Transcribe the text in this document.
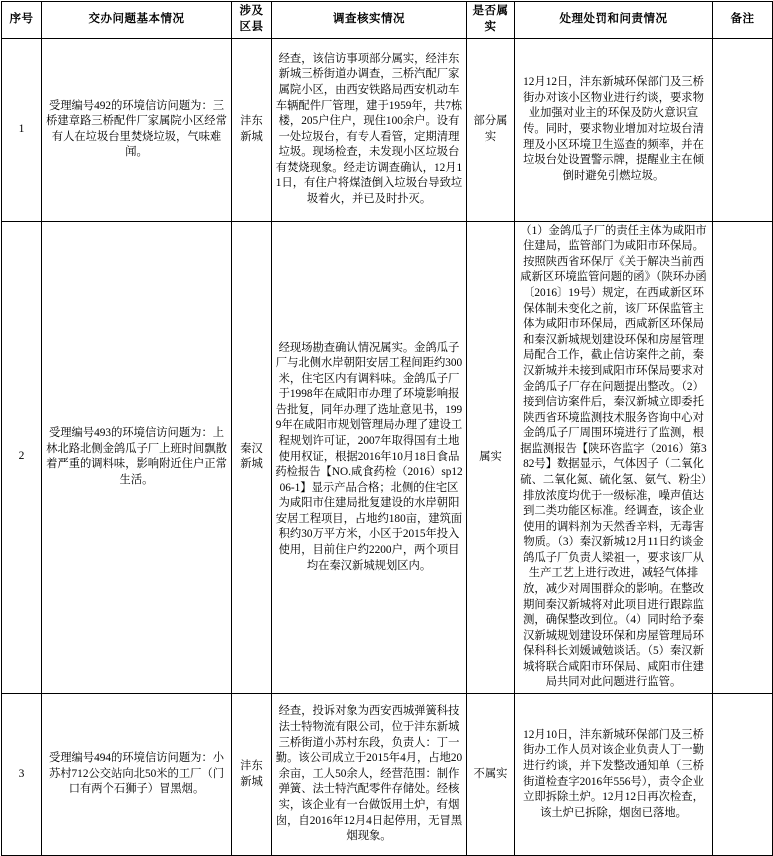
序号	交办问题基本情况	涉及区县	调查核实情况	是否属实	处理处罚和问责情况	备注
1	受理编号492的环境信访问题为：三桥建章路三桥配件厂家属院小区经常有人在垃圾台里焚烧垃圾，气味难闻。	沣东新城	经查，该信访事项部分属实，经沣东新城三桥街道办调查，三桥汽配厂家属院小区，由西安铁路局西安机动车车辆配件厂管理，建于1959年，共7栋楼，205户住户，现住100余户。设有一处垃圾台，有专人看管，定期清理垃圾。现场检查，未发现小区垃圾台有焚烧现象。经走访调查确认，12月11日，有住户将煤渣倒入垃圾台导致垃圾着火，并已及时扑灭。	部分属实	12月12日，沣东新城环保部门及三桥街办对该小区物业进行约谈，要求物业加强对业主的环保及防火意识宣传。同时，要求物业增加对垃圾台清理及小区环境卫生巡查的频率，并在垃圾台处设置警示牌，提醒业主在倾倒时避免引燃垃圾。	
2	受理编号493的环境信访问题为：上林北路北侧金鸽瓜子厂上班时间飘散着严重的调料味，影响附近住户正常生活。	秦汉新城	经现场勘查确认情况属实。金鸽瓜子厂与北侧水岸朝阳安居工程间距约300米，住宅区内有调料味。金鸽瓜子厂于1998年在咸阳市办理了环境影响报告批复，同年办理了选址意见书，1999年在咸阳市规划管理局办理了建设工程规划许可证，2007年取得国有土地使用权证，根据2016年10月18日食品药检报告【NO.咸食药检（2016）sp1206-1】显示产品合格；北侧的住宅区为咸阳市住建局批复建设的水岸朝阳安居工程项目，占地约180亩，建筑面积约30万平方米，小区于2015年投入使用，目前住户约2200户，两个项目均在秦汉新城规划区内。	属实	（1）金鸽瓜子厂的责任主体为咸阳市住建局，监管部门为咸阳市环保局。按照陕西省环保厅《关于解决当前西咸新区环境监管问题的函》（陕环办函〔2016〕19号）规定，在西咸新区环保体制未变化之前，该厂环保监管主体为咸阳市环保局，西咸新区环保局和秦汉新城规划建设环保和房屋管理局配合工作，截止信访案件之前，秦汉新城并未接到咸阳市环保局要求对金鸽瓜子厂存在问题提出整改。（2）接到信访案件后，秦汉新城立即委托陕西省环境监测技术服务咨询中心对金鸽瓜子厂周围环境进行了监测，根据监测报告【陕环咨监字（2016）第382号】数据显示，气体因子（二氧化硫、二氧化氮、硫化氢、氨气、粉尘）排放浓度均优于一级标准，噪声值达到二类功能区标准。经调查，该企业使用的调料剂为天然香辛料，无毒害物质。（3）秦汉新城12月11日约谈金鸽瓜子厂负责人梁祖一，要求该厂从生产工艺上进行改进，减轻气体排放，减少对周围群众的影响。在整改期间秦汉新城将对此项目进行跟踪监测，确保整改到位。（4）同时给予秦汉新城规划建设环保和房屋管理局环保科科长刘媛诫勉谈话。（5）秦汉新城将联合咸阳市环保局、咸阳市住建局共同对此问题进行监管。	
3	受理编号494的环境信访问题为：小苏村712公交站向北50米的工厂（门口有两个石狮子）冒黑烟。	沣东新城	经查，投诉对象为西安西城弹簧科技法士特物流有限公司，位于沣东新城三桥街道小苏村东段，负责人：丁一勤。该公司成立于2015年4月，占地20余亩，工人50余人，经营范围：制作弹簧、法士特汽配零件存储处。经核实，该企业有一台做饭用土炉，有烟囱，自2016年12月4日起停用，无冒黑烟现象。	不属实	12月10日，沣东新城环保部门及三桥街办工作人员对该企业负责人丁一勤进行约谈，并下发整改通知单（三桥街道检查字2016年556号），责令企业立即拆除土炉。12月12日再次检查，该土炉已拆除，烟囱已落地。	
